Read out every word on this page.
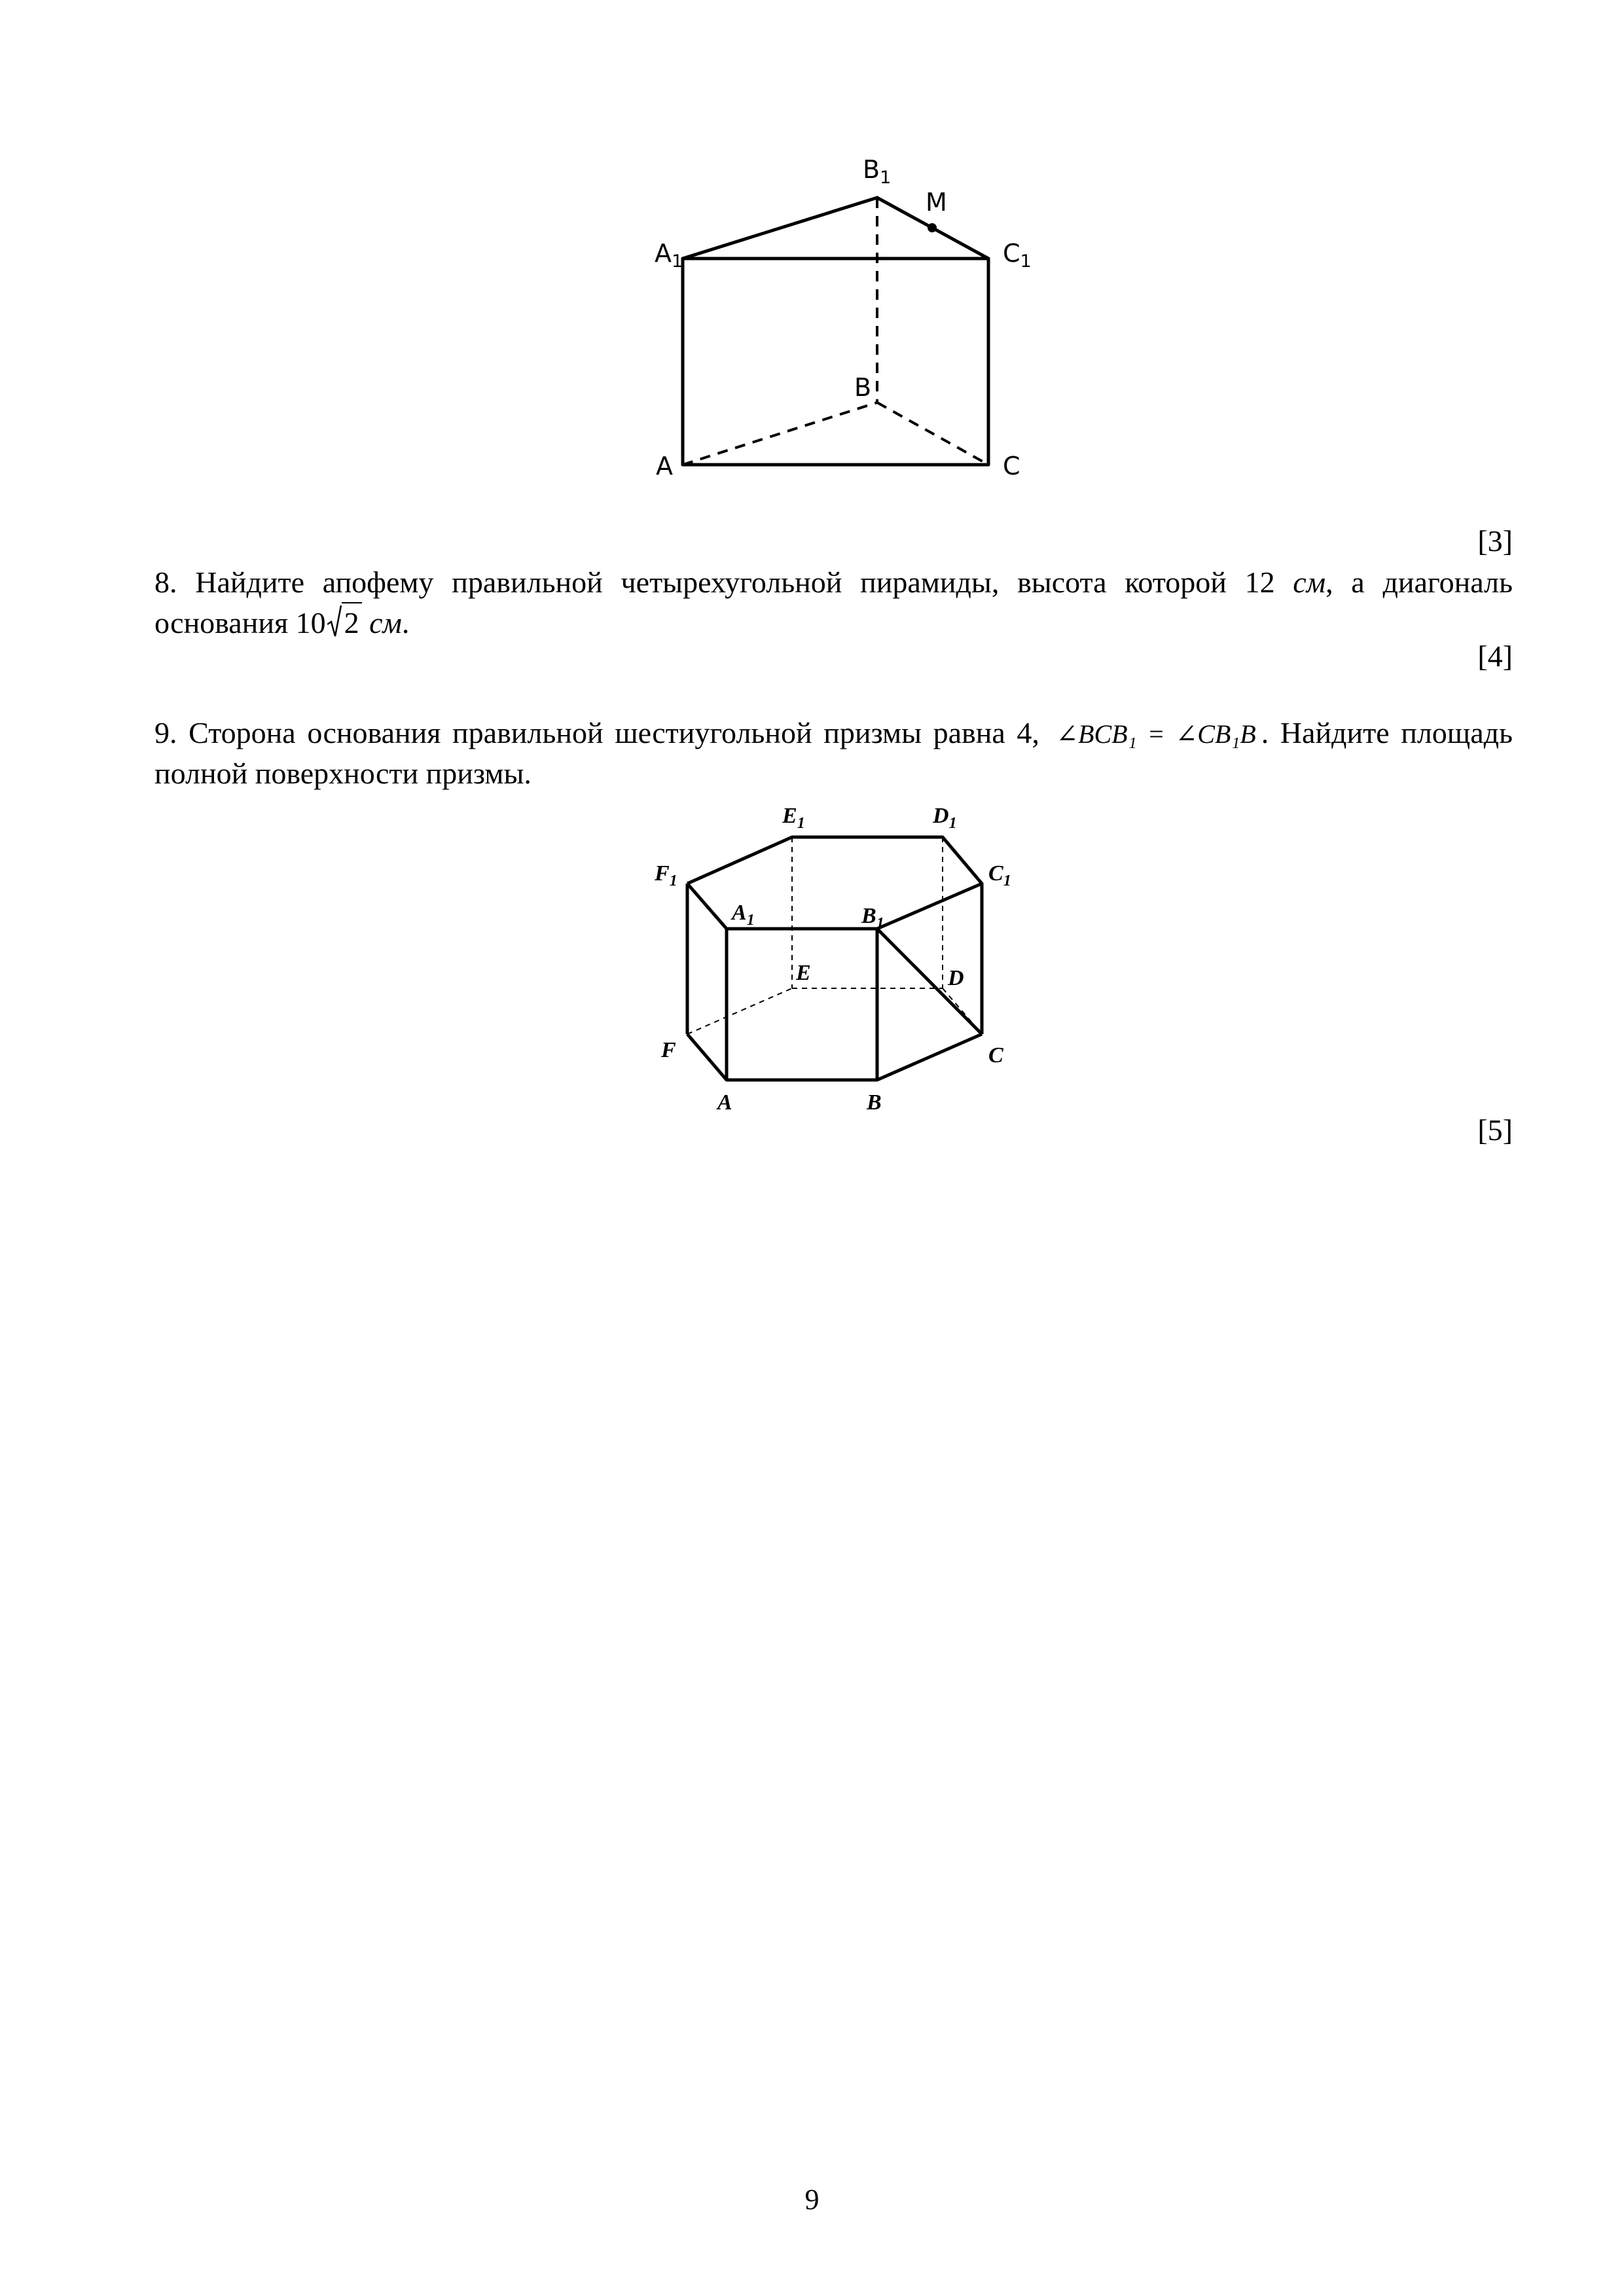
$A_1$
$B_1$
$C_1$
M
B
A	C
[3]
8. Найдите апофему правильной четырехугольной пирамиды, высота которой 12 см, а диагональ основания 10 2 см.
[4]
9. Сторона основания правильной шестиугольной призмы равна 4, ∠BCB₁ = ∠CB₁B . Найдите площадь полной поверхности призмы.
$E_1$	$D_1$
$F_1$	$C_1$
$A_1$	$B_1$
E	D
F	C
A	B
[5]
9
